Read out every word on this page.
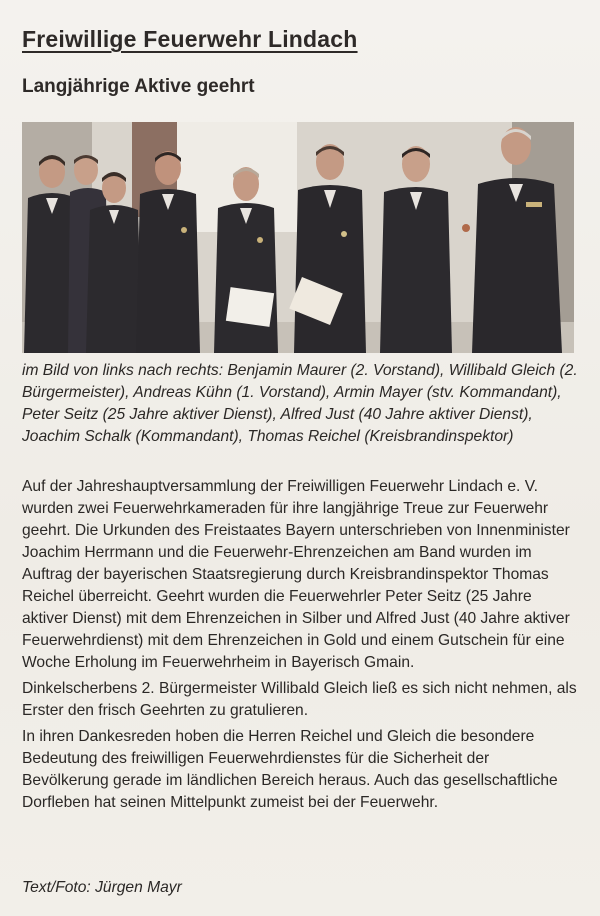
Freiwillige Feuerwehr Lindach
Langjährige Aktive geehrt
im Bild von links nach rechts: Benjamin Maurer (2. Vorstand), Willibald Gleich (2. Bürgermeister), Andreas Kühn (1. Vorstand), Armin Mayer (stv. Kommandant), Peter Seitz (25 Jahre aktiver Dienst), Alfred Just (40 Jahre aktiver Dienst), Joachim Schalk (Kommandant), Thomas Reichel (Kreisbrandinspektor)

Auf der Jahreshauptversammlung der Freiwilligen Feuerwehr Lindach e. V. wurden zwei Feuerwehrkameraden für ihre langjährige Treue zur Feuerwehr geehrt. Die Urkunden des Freistaates Bayern unterschrieben von Innenminister Joachim Herrmann und die Feuerwehr-Ehrenzeichen am Band wurden im Auftrag der bayerischen Staatsregierung durch Kreisbrandinspektor Thomas Reichel überreicht. Geehrt wurden die Feuerwehrler Peter Seitz (25 Jahre aktiver Dienst) mit dem Ehrenzeichen in Silber und Alfred Just (40 Jahre aktiver Feuerwehrdienst) mit dem Ehrenzeichen in Gold und einem Gutschein für eine Woche Erholung im Feuerwehrheim in Bayerisch Gmain.

Dinkelscherbens 2. Bürgermeister Willibald Gleich ließ es sich nicht nehmen, als Erster den frisch Geehrten zu gratulieren.

In ihren Dankesreden hoben die Herren Reichel und Gleich die besondere Bedeutung des freiwilligen Feuerwehrdienstes für die Sicherheit der Bevölkerung gerade im ländlichen Bereich heraus. Auch das gesellschaftliche Dorfleben hat seinen Mittelpunkt zumeist bei der Feuerwehr.

Text/Foto: Jürgen Mayr
